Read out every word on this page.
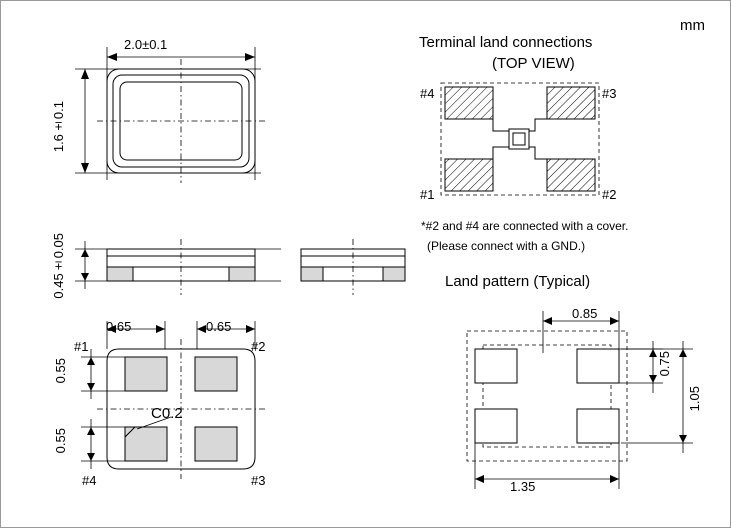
mm
2.0±0.1
1.6±0.1
0.45±0.05
0.65	0.65
0.55
0.55
C0.2
#1	#2
#3
#4
Terminal land connections
(TOP VIEW)
#4	#3
#1	#2
*#2 and #4 are connected with a cover.
(Please connect with a GND.)
Land pattern (Typical)
0.85
0.75
1.05
1.35
